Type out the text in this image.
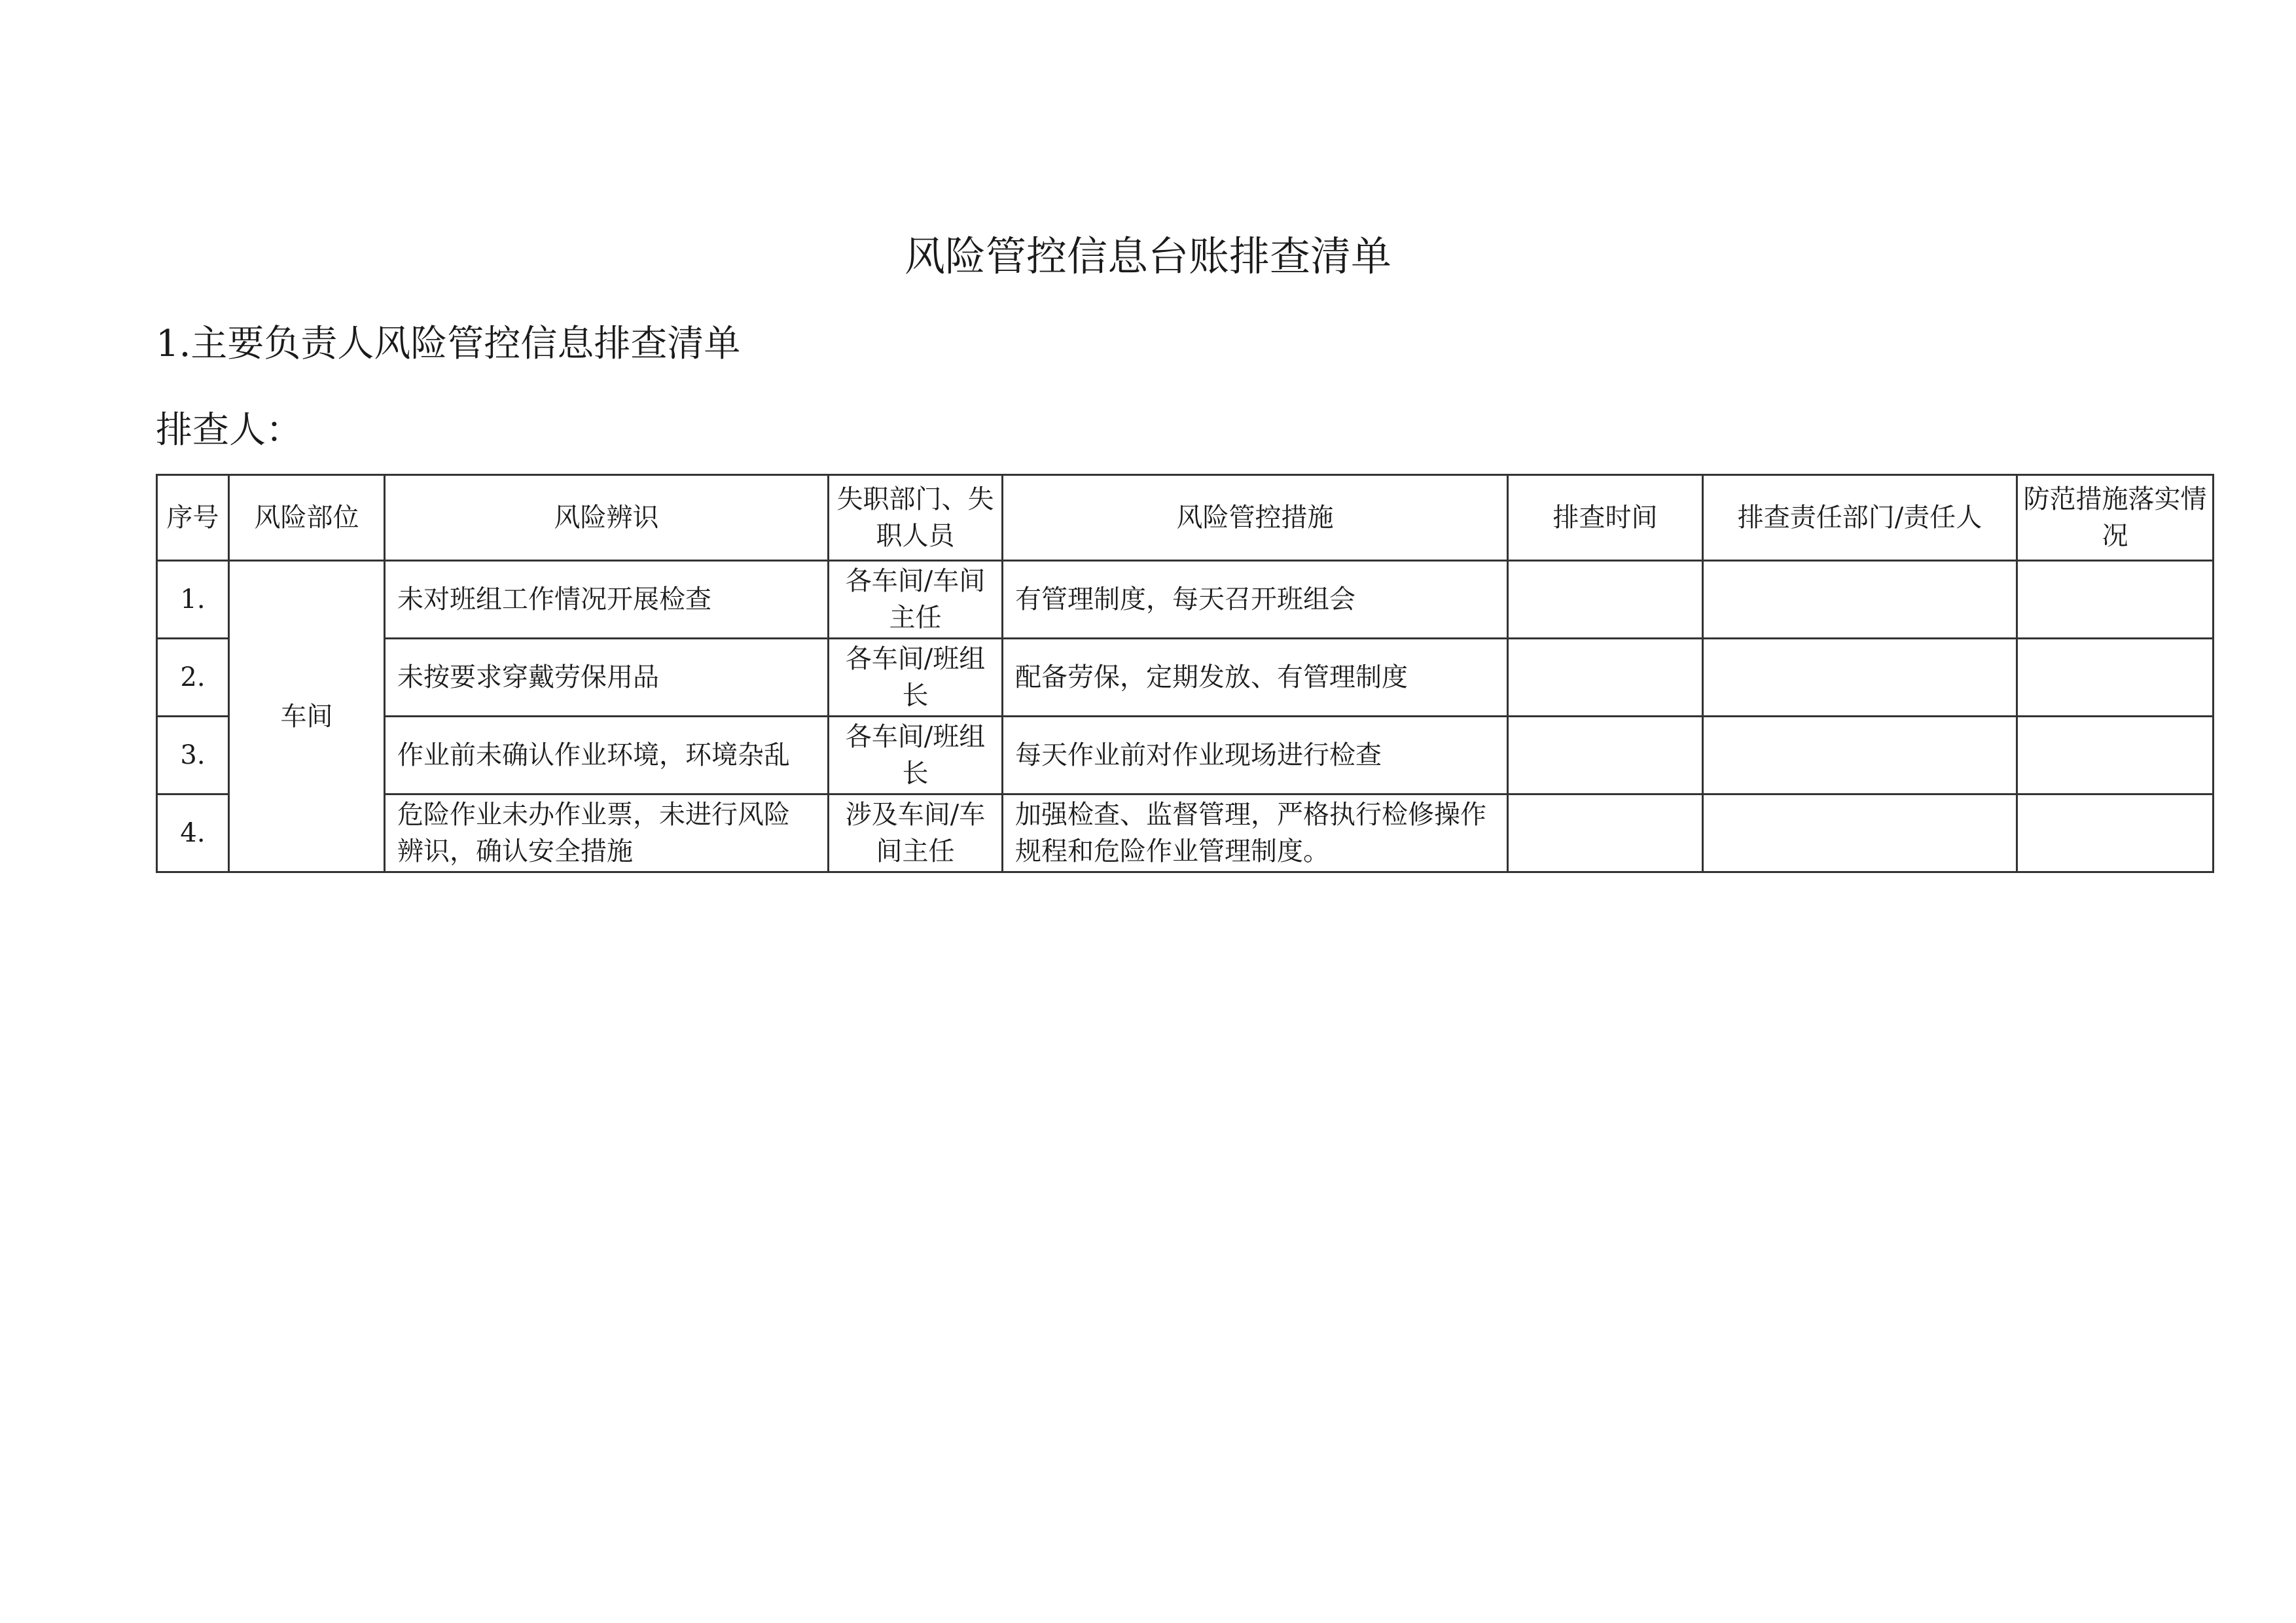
风险管控信息台账排查清单
1.主要负责人风险管控信息排查清单
排查人：
序号	风险部位	风险辨识	失职部门、失职人员	风险管控措施	排查时间	排查责任部门/责任人	防范措施落实情况
1.	车间	未对班组工作情况开展检查	各车间/车间主任	有管理制度，每天召开班组会			
2.		未按要求穿戴劳保用品	各车间/班组长	配备劳保，定期发放、有管理制度			
3.		作业前未确认作业环境，环境杂乱	各车间/班组长	每天作业前对作业现场进行检查			
4.		危险作业未办作业票，未进行风险辨识，确认安全措施	涉及车间/车间主任	加强检查、监督管理，严格执行检修操作规程和危险作业管理制度。			
